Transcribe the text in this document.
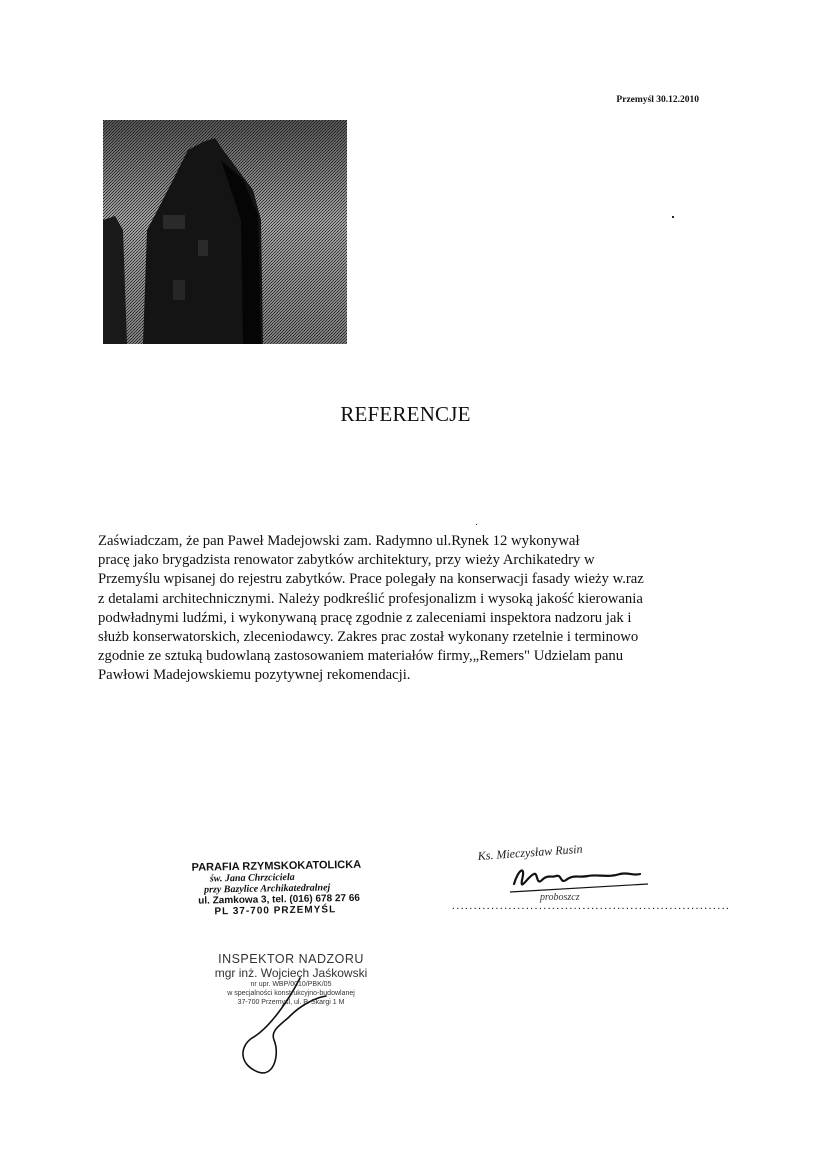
Przemyśl 30.12.2010
REFERENCJE
Zaświadczam, że pan Paweł Madejowski zam. Radymno ul.Rynek 12 wykonywał
pracę jako brygadzista renowator zabytków architektury, przy wieży Archikatedry w
Przemyślu wpisanej do rejestru zabytków. Prace polegały na konserwacji fasady wieży w.raz
z detalami architechnicznymi. Należy podkreślić profesjonalizm i wysoką jakość kierowania
podwładnymi ludźmi, i wykonywaną pracę zgodnie z zaleceniami inspektora nadzoru jak i
służb konserwatorskich, zleceniodawcy. Zakres prac został wykonany rzetelnie i terminowo
zgodnie ze sztuką budowlaną zastosowaniem materiałów firmy,„Remers" Udzielam panu
Pawłowi Madejowskiemu pozytywnej rekomendacji.
PARAFIA RZYMSKOKATOLICKA
św. Jana Chrzciciela
przy Bazylice Archikatedralnej
ul. Zamkowa 3, tel. (016) 678 27 66
PL 37-700 PRZEMYŚL
Ks. Mieczysław Rusin
proboszcz
................................................................
INSPEKTOR NADZORU
mgr inż. Wojciech Jaśkowski
nr upr. WBP/0010/PBK/05
w specjalności konstrukcyjno-budowlanej
37-700 Przemyśl, ul. P. Skargi 1 M
